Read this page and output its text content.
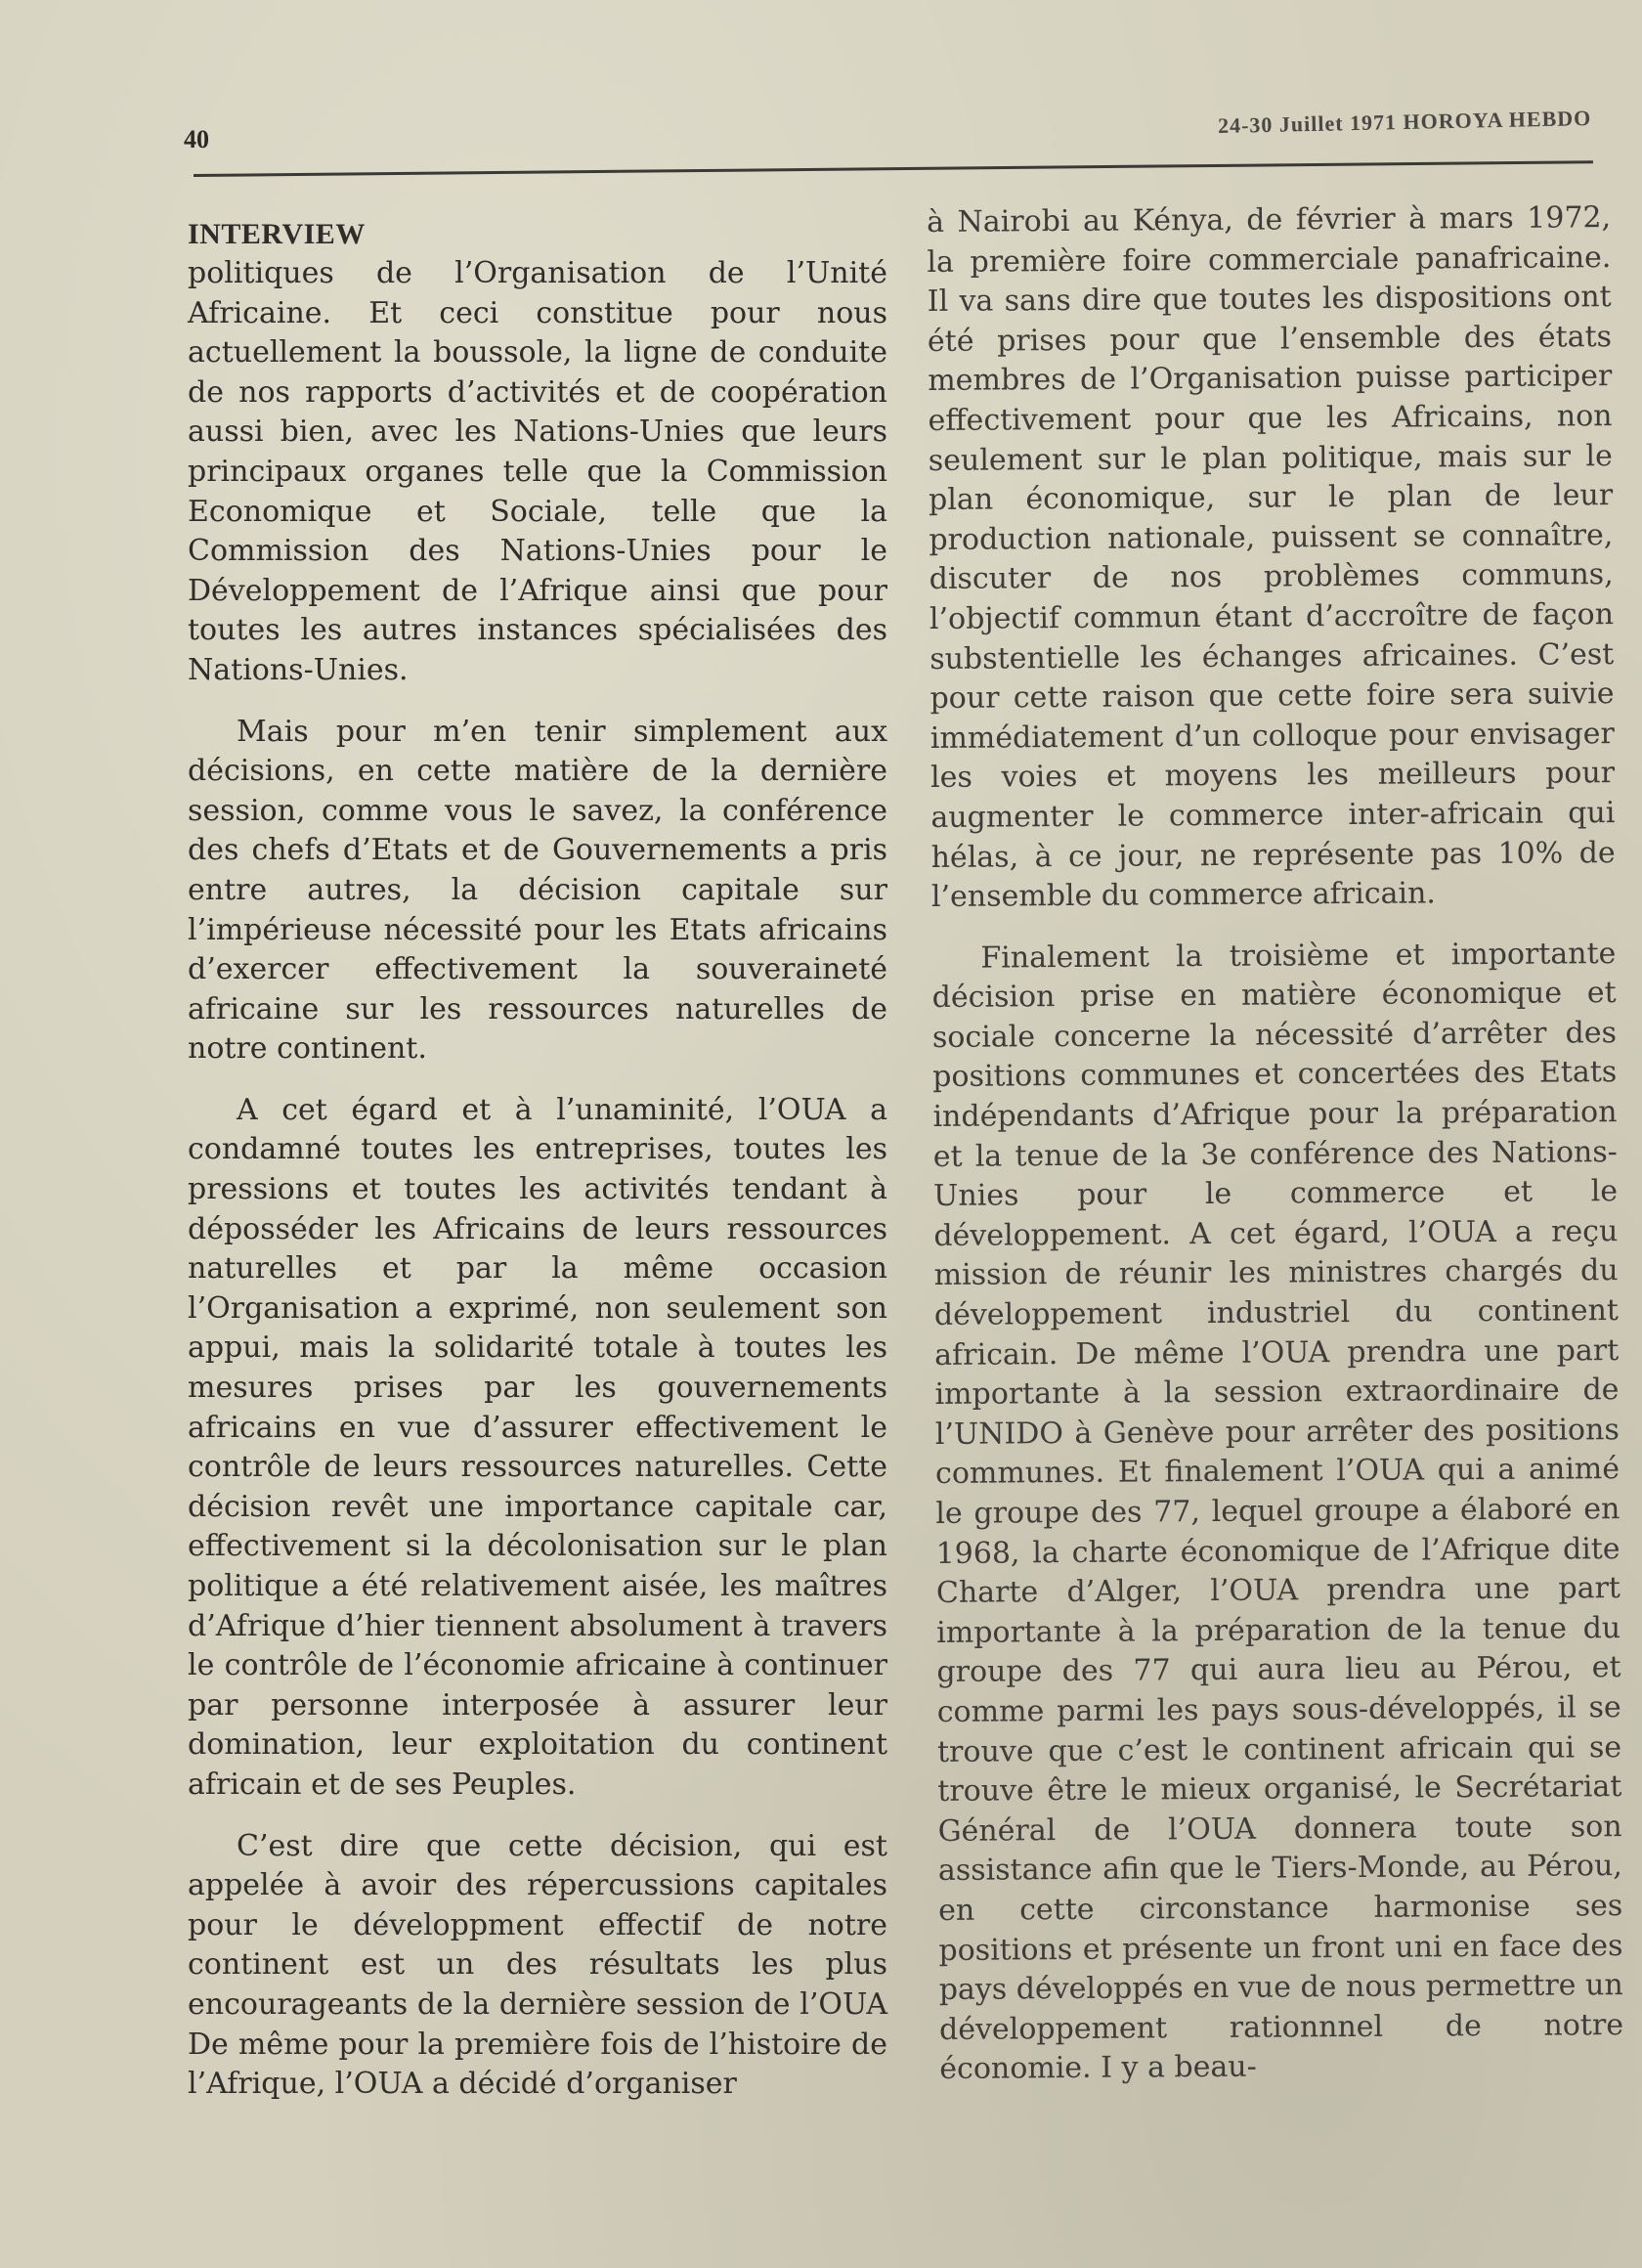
40
24-30 Juillet 1971 HOROYA HEBDO
INTERVIEW

politiques de l’Organisation de l’Unité Africaine. Et ceci constitue pour nous actuellement la boussole, la ligne de conduite de nos rapports d’activités et de coopération aussi bien, avec les Nations-Unies que leurs principaux organes telle que la Commission Economique et Sociale, telle que la Commission des Nations-Unies pour le Développement de l’Afrique ainsi que pour toutes les autres instances spécialisées des Nations-Unies.

Mais pour m’en tenir simplement aux décisions, en cette matière de la dernière session, comme vous le savez, la conférence des chefs d’Etats et de Gouvernements a pris entre autres, la décision capitale sur l’impérieuse nécessité pour les Etats africains d’exercer effectivement la souveraineté africaine sur les ressources naturelles de notre continent.

A cet égard et à l’unaminité, l’OUA a condamné toutes les entreprises, toutes les pressions et toutes les activités tendant à déposséder les Africains de leurs ressources naturelles et par la même occasion l’Organisation a exprimé, non seulement son appui, mais la solidarité totale à toutes les mesures prises par les gouvernements africains en vue d’assurer effectivement le contrôle de leurs ressources naturelles. Cette décision revêt une importance capitale car, effectivement si la décolonisation sur le plan politique a été relativement aisée, les maîtres d’Afrique d’hier tiennent absolument à travers le contrôle de l’économie africaine à continuer par personne interposée à assurer leur domination, leur exploitation du continent africain et de ses Peuples.

C’est dire que cette décision, qui est appelée à avoir des répercussions capitales pour le développment effectif de notre continent est un des résultats les plus encourageants de la dernière session de l’OUA De même pour la première fois de l’histoire de l’Afrique, l’OUA a décidé d’organiser

à Nairobi au Kénya, de février à mars 1972, la première foire commerciale panafricaine. Il va sans dire que toutes les dispositions ont été prises pour que l’ensemble des états membres de l’Organisation puisse participer effectivement pour que les Africains, non seulement sur le plan politique, mais sur le plan économique, sur le plan de leur production nationale, puissent se connaître, discuter de nos problèmes communs, l’objectif commun étant d’accroître de façon substentielle les échanges africaines. C’est pour cette raison que cette foire sera suivie immédiatement d’un colloque pour envisager les voies et moyens les meilleurs pour augmenter le commerce inter-africain qui hélas, à ce jour, ne représente pas 10% de l’ensemble du commerce africain.

Finalement la troisième et importante décision prise en matière économique et sociale concerne la nécessité d’arrêter des positions communes et concertées des Etats indépendants d’Afrique pour la préparation et la tenue de la 3e conférence des Nations-Unies pour le commerce et le développement. A cet égard, l’OUA a reçu mission de réunir les ministres chargés du développement industriel du continent africain. De même l’OUA prendra une part importante à la session extraordinaire de l’UNIDO à Genève pour arrêter des positions communes. Et finalement l’OUA qui a animé le groupe des 77, lequel groupe a élaboré en 1968, la charte économique de l’Afrique dite Charte d’Alger, l’OUA prendra une part importante à la préparation de la tenue du groupe des 77 qui aura lieu au Pérou, et comme parmi les pays sous-développés, il se trouve que c’est le continent africain qui se trouve être le mieux organisé, le Secrétariat Général de l’OUA donnera toute son assistance afin que le Tiers-Monde, au Pérou, en cette circonstance harmonise ses positions et présente un front uni en face des pays développés en vue de nous permettre un développement rationnnel de notre économie. I y a beau-
